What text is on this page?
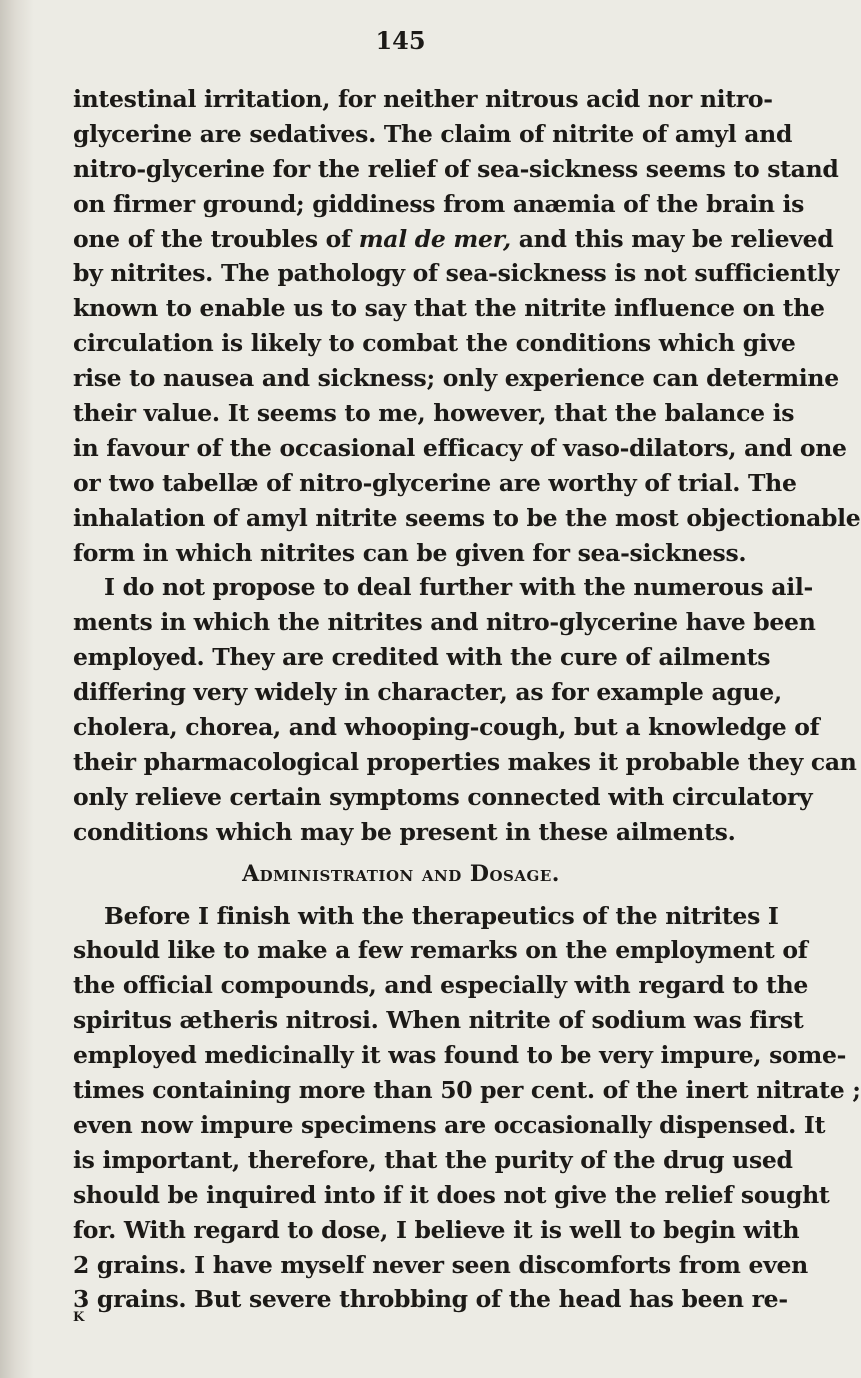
145
intestinal irritation, for neither nitrous acid nor nitro-
glycerine are sedatives. The claim of nitrite of amyl and
nitro-glycerine for the relief of sea-sickness seems to stand
on firmer ground; giddiness from anæmia of the brain is
one of the troubles of mal de mer, and this may be relieved
by nitrites. The pathology of sea-sickness is not sufficiently
known to enable us to say that the nitrite influence on the
circulation is likely to combat the conditions which give
rise to nausea and sickness; only experience can determine
their value. It seems to me, however, that the balance is
in favour of the occasional efficacy of vaso-dilators, and one
or two tabellæ of nitro-glycerine are worthy of trial. The
inhalation of amyl nitrite seems to be the most objectionable
form in which nitrites can be given for sea-sickness.
I do not propose to deal further with the numerous ail-
ments in which the nitrites and nitro-glycerine have been
employed. They are credited with the cure of ailments
differing very widely in character, as for example ague,
cholera, chorea, and whooping-cough, but a knowledge of
their pharmacological properties makes it probable they can
only relieve certain symptoms connected with circulatory
conditions which may be present in these ailments.
Administration and Dosage.
Before I finish with the therapeutics of the nitrites I
should like to make a few remarks on the employment of
the official compounds, and especially with regard to the
spiritus ætheris nitrosi. When nitrite of sodium was first
employed medicinally it was found to be very impure, some-
times containing more than 50 per cent. of the inert nitrate ;
even now impure specimens are occasionally dispensed. It
is important, therefore, that the purity of the drug used
should be inquired into if it does not give the relief sought
for. With regard to dose, I believe it is well to begin with
2 grains. I have myself never seen discomforts from even
3 grains. But severe throbbing of the head has been re-
K
